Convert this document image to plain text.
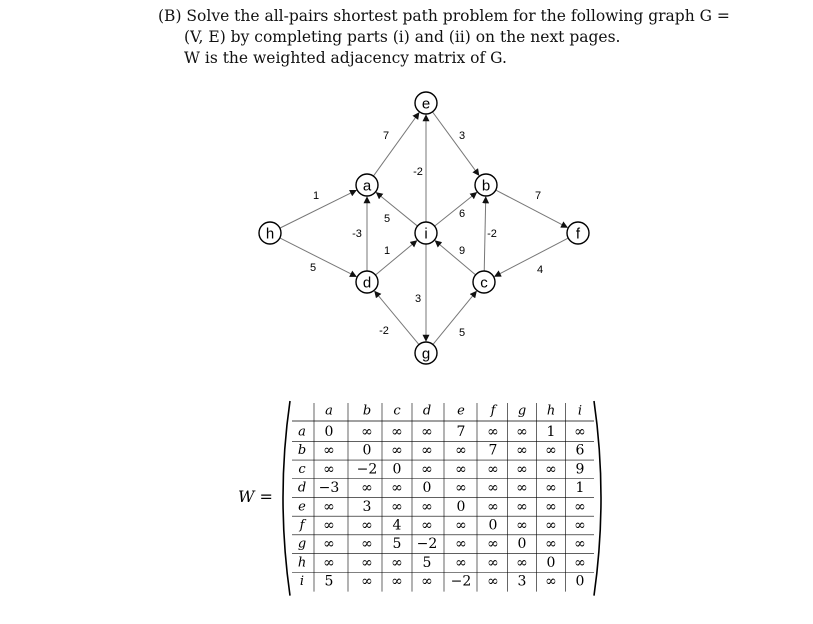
(B) Solve the all-pairs shortest path problem for the following graph G =

(V, E) by completing parts (i) and (ii) on the next pages.

W is the weighted adjacency matrix of G.

7	3
-2
1
5
-3
5
1
6
7
-2
9
4
3
-2	5
e
a	b
h	i	f
d	c
g
W =
a b c d e f g h i
a 0 ∞ ∞ ∞ 7 ∞ ∞ 1 ∞
b ∞ 0 ∞ ∞ ∞ 7 ∞ ∞ 6
c ∞ −2 0 ∞ ∞ ∞ ∞ ∞ 9
d −3 ∞ ∞ 0 ∞ ∞ ∞ ∞ 1
e ∞ 3 ∞ ∞ 0 ∞ ∞ ∞ ∞
f ∞ ∞ 4 ∞ ∞ 0 ∞ ∞ ∞
g ∞ ∞ 5 −2 ∞ ∞ 0 ∞ ∞
h ∞ ∞ ∞ 5 ∞ ∞ ∞ 0 ∞
i 5 ∞ ∞ ∞ −2 ∞ 3 ∞ 0
